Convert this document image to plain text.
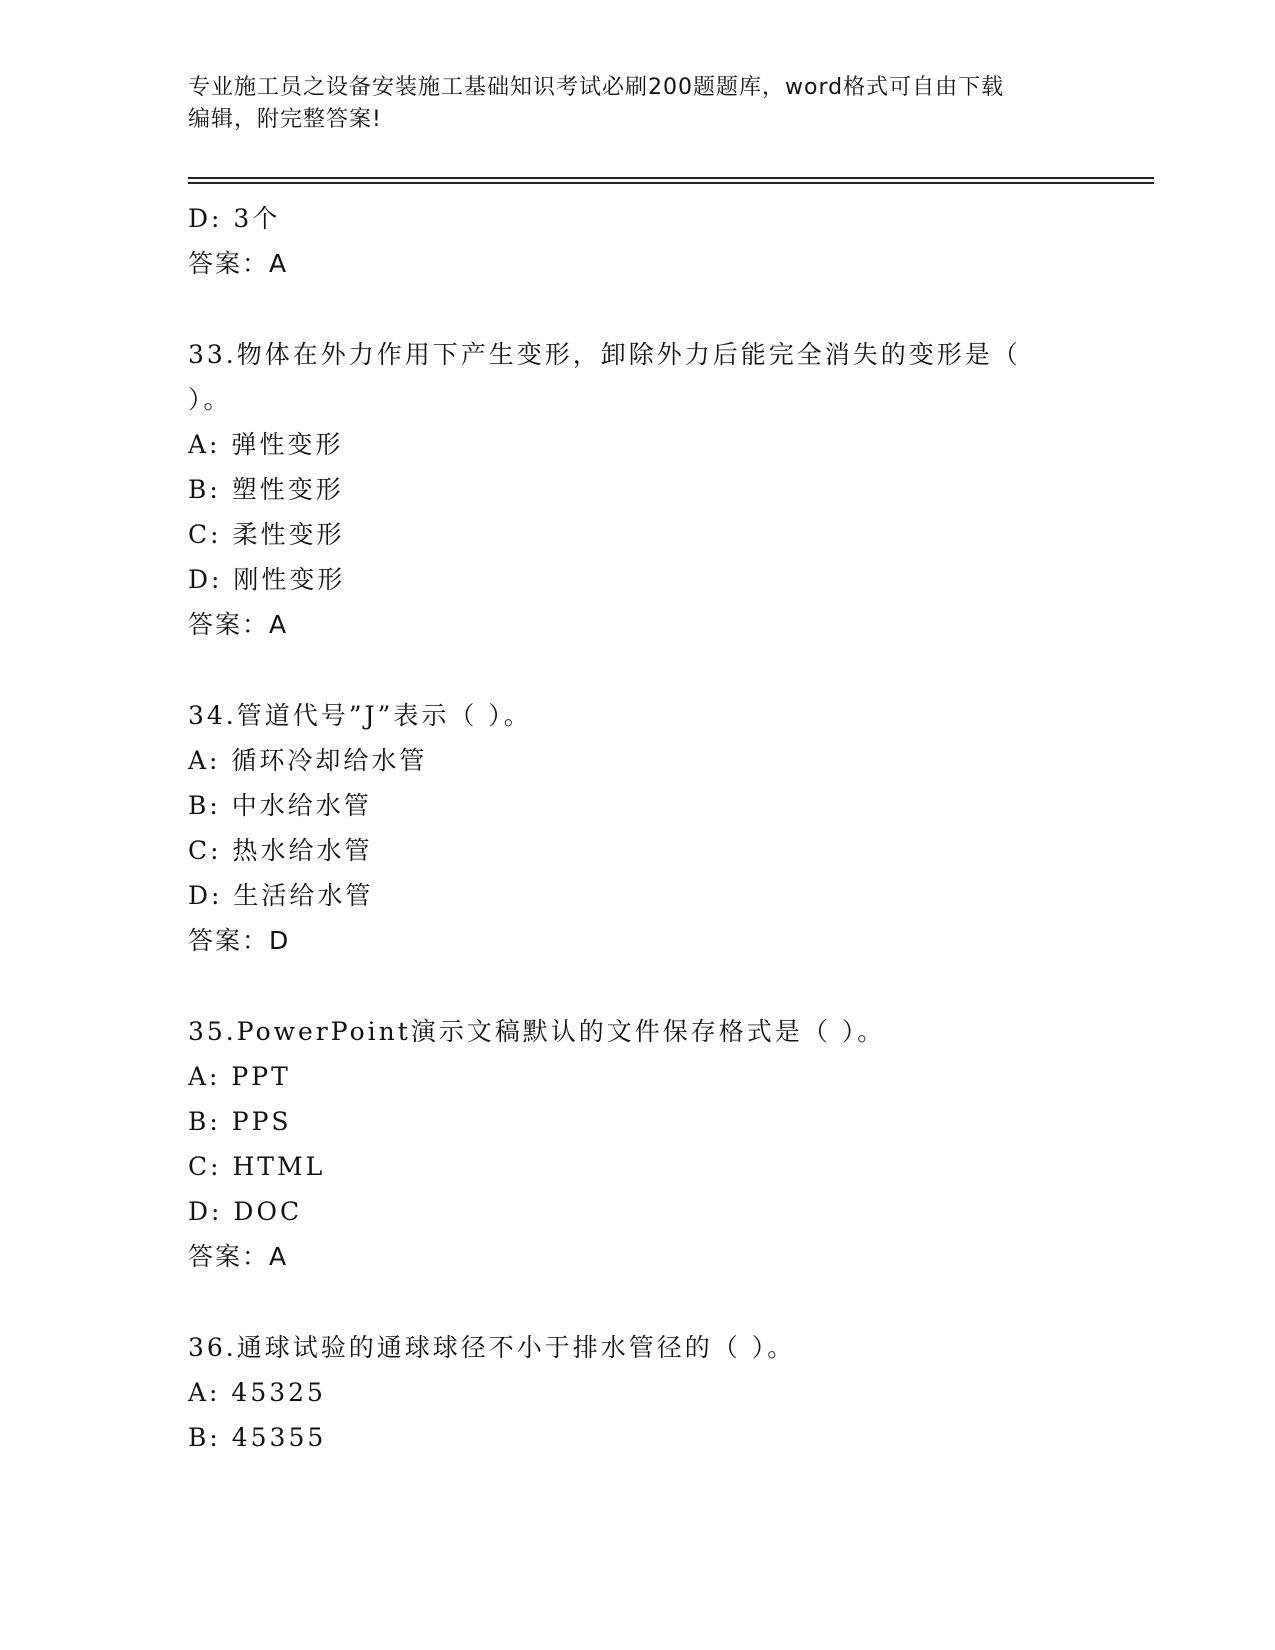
专业施工员之设备安装施工基础知识考试必刷200题题库，word格式可自由下载
编辑，附完整答案!
D: 3个
答案：A
33.物体在外力作用下产生变形，卸除外力后能完全消失的变形是（
）。
A: 弹性变形
B: 塑性变形
C: 柔性变形
D: 刚性变形
答案：A
34.管道代号”J”表示（ ）。
A: 循环冷却给水管
B: 中水给水管
C: 热水给水管
D: 生活给水管
答案：D
35.PowerPoint演示文稿默认的文件保存格式是（ ）。
A: PPT
B: PPS
C: HTML
D: DOC
答案：A
36.通球试验的通球球径不小于排水管径的（ ）。
A: 45325
B: 45355
